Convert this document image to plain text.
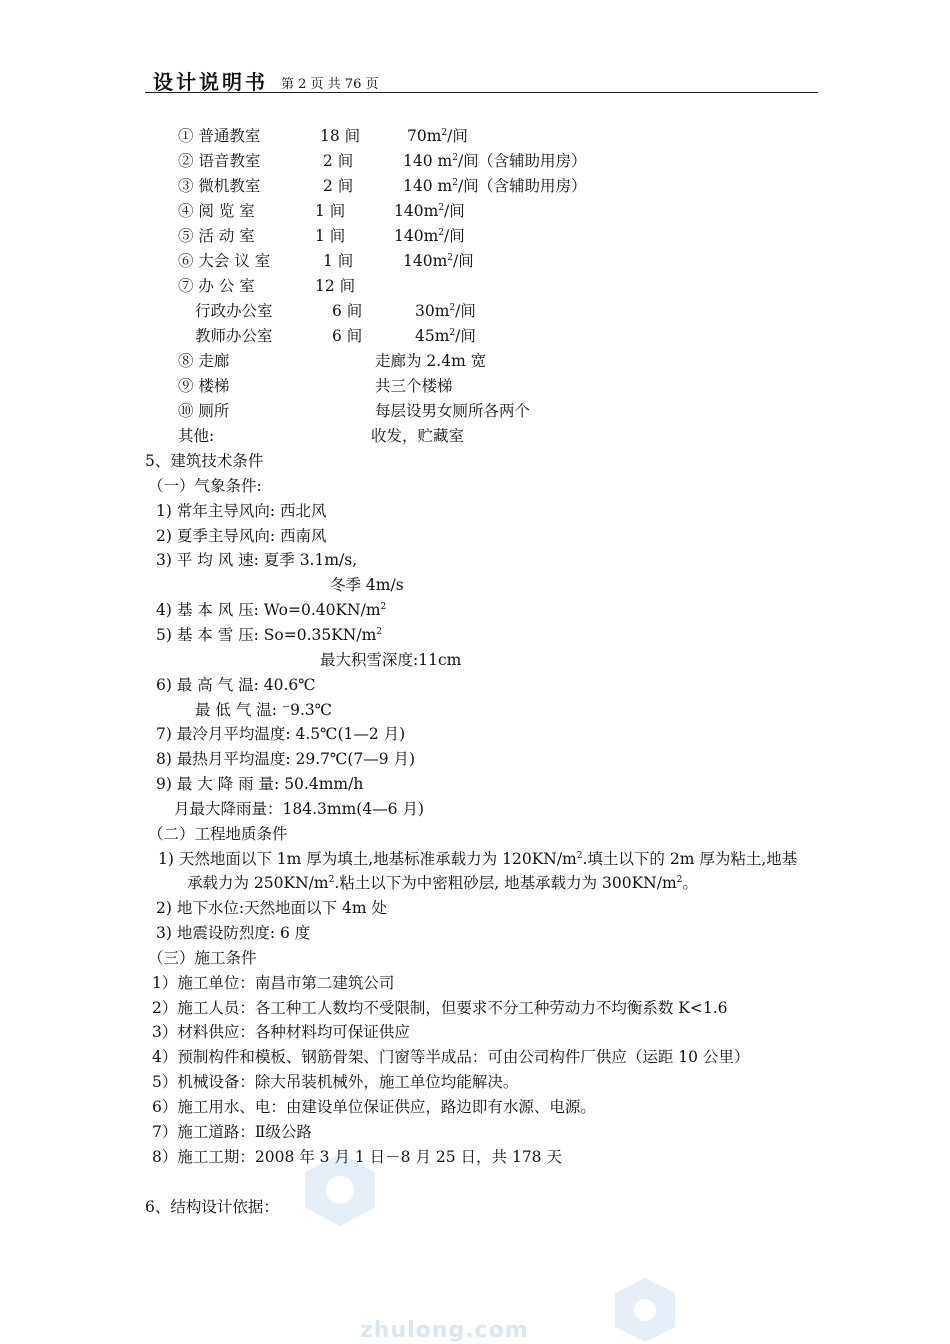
设计说明书 第 2 页 共 76 页
① 普通教室	18 间	$70m^2/$间
② 语音教室	2 间	140 $m^2/$间 （含辅助用房）
③ 微机教室	2 间	140 $m^2/$间 （含辅助用房）
④ 阅 览 室	1 间	$140m^2/$间
⑤ 活 动 室	1 间	$140m^2/$间
⑥ 大会 议 室	1 间	$140m^2/$间
⑦ 办 公 室	12 间
行政办公室	6 间	$30m^2/$间
教师办公室	6 间	$45m^2/$间
⑧ 走廊	走廊为 2.4m 宽
⑨ 楼梯	共三个楼梯
⑩ 厕所	每层设男女厕所各两个
其他:	收发，贮藏室
5、建筑技术条件
（一）气象条件:
1) 常年主导风向: 西北风
2) 夏季主导风向: 西南风
3) 平 均 风 速: 夏季 3.1m/s,
冬季 4m/s
4) 基 本 风 压: $Wo=0.40KN/m^2$
5) 基 本 雪 压: $So=0.35KN/m^2$
最大积雪深度:11cm
6) 最 高 气 温: 40.6℃
最 低 气 温: ⁻9.3℃
7) 最冷月平均温度: 4.5℃(1—2 月)
8) 最热月平均温度: 29.7℃(7—9 月)
9) 最 大 降 雨 量: 50.4mm/h
月最大降雨量：184.3mm(4—6 月)
（二）工程地质条件
1) 天然地面以下 1m 厚为填土,地基标准承载力为 $120KN/m^2$.填土以下的 2m 厚为粘土,地基
承载力为 $250KN/m^2$.粘土以下为中密粗砂层, 地基承载力为 $300KN/m^2$。
2) 地下水位:天然地面以下 4m 处
3) 地震设防烈度: 6 度
（三）施工条件
1）施工单位：南昌市第二建筑公司
2）施工人员：各工种工人数均不受限制，但要求不分工种劳动力不均衡系数 K<1.6
3）材料供应：各种材料均可保证供应
4）预制构件和模板、钢筋骨架、门窗等半成品：可由公司构件厂供应（运距 10 公里）
5）机械设备：除大吊装机械外，施工单位均能解决。
6）施工用水、电：由建设单位保证供应，路边即有水源、电源。
7）施工道路：Ⅱ级公路
8）施工工期：2008 年 3 月 1 日－8 月 25 日，共 178 天
6、结构设计依据：
zhulong.com
